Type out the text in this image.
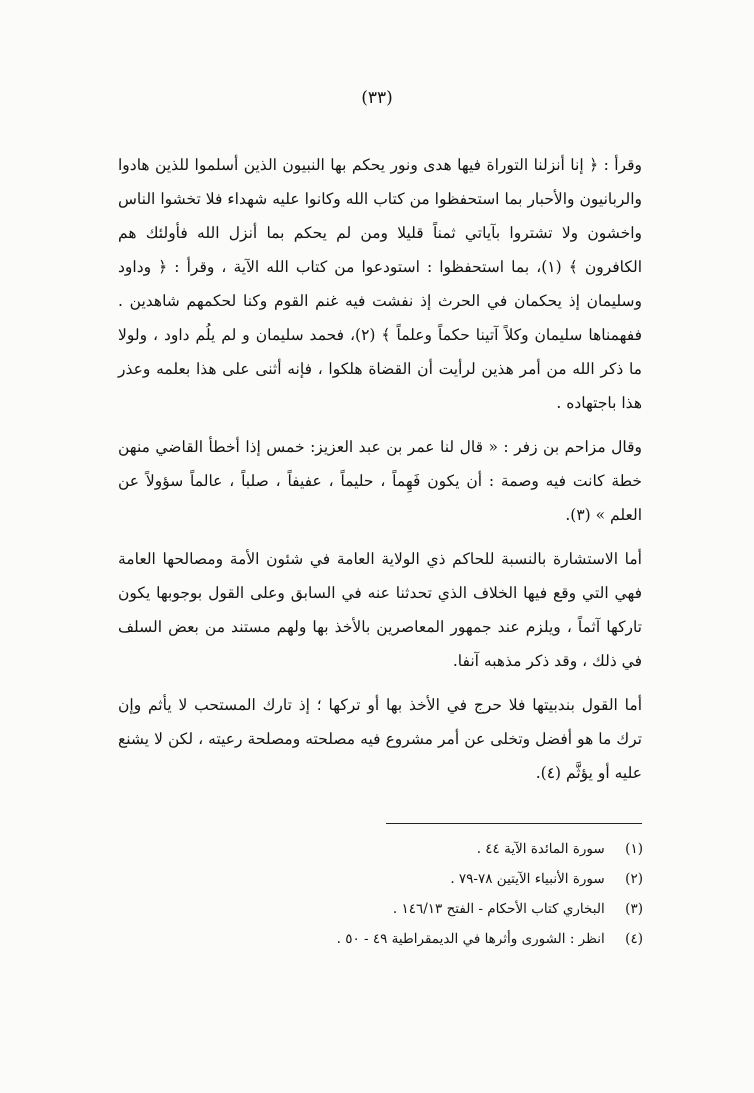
(٣٣)

وقرأ : ﴿ إنا أنزلنا التوراة فيها هدى ونور يحكم بها النبيون الذين أسلموا للذين هادوا والربانيون والأحبار بما استحفظوا من كتاب الله وكانوا عليه شهداء فلا تخشوا الناس واخشون ولا تشتروا بآياتي ثمناً قليلا ومن لم يحكم بما أنزل الله فأولئك هم الكافرون ﴾ (١)، بما استحفظوا : استودعوا من كتاب الله الآية ، وقرأ : ﴿ وداود وسليمان إذ يحكمان في الحرث إذ نفشت فيه غنم القوم وكنا لحكمهم شاهدين . ففهمناها سليمان وكلاً آتينا حكماً وعلماً ﴾ (٢)، فحمد سليمان و لم يلُم داود ، ولولا ما ذكر الله من أمر هذين لرأيت أن القضاة هلكوا ، فإنه أثنى على هذا بعلمه وعذر هذا باجتهاده .

وقال مزاحم بن زفر : « قال لنا عمر بن عبد العزيز: خمس إذا أخطأ القاضي منهن خطة كانت فيه وصمة : أن يكون فَهِماً ، حليماً ، عفيفاً ، صلباً ، عالماً سؤولاً عن العلم » (٣).

أما الاستشارة بالنسبة للحاكم ذي الولاية العامة في شئون الأمة ومصالحها العامة فهي التي وقع فيها الخلاف الذي تحدثنا عنه في السابق وعلى القول بوجوبها يكون تاركها آثماً ، ويلزم عند جمهور المعاصرين بالأخذ بها ولهم مستند من بعض السلف في ذلك ، وقد ذكر مذهبه آنفا.

أما القول بندبيتها فلا حرج في الأخذ بها أو تركها ؛ إذ تارك المستحب لا يأثم وإن ترك ما هو أفضل وتخلى عن أمر مشروع فيه مصلحته ومصلحة رعيته ، لكن لا يشنع عليه أو يؤثَّم (٤).

(١) سورة المائدة الآية ٤٤ .
(٢) سورة الأنبياء الآيتين ٧٨-٧٩ .
(٣) البخاري كتاب الأحكام - الفتح ١٤٦/١٣ .
(٤) انظر : الشورى وأثرها في الديمقراطية ٤٩ - ٥٠ .
